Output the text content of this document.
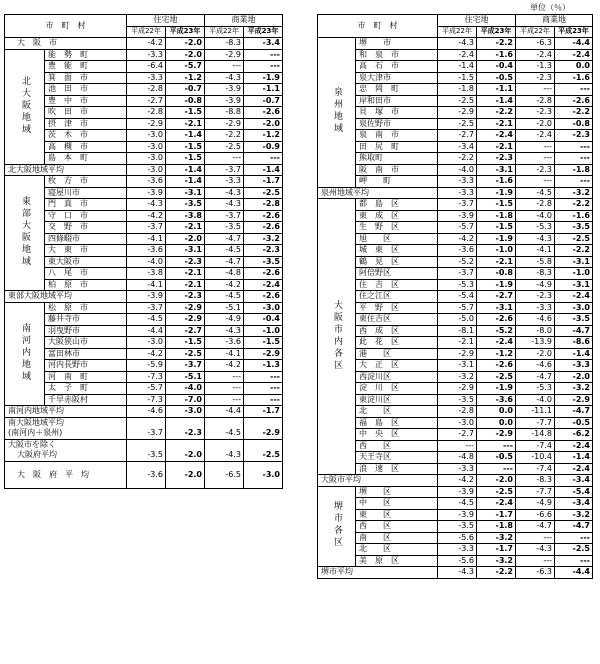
単位（％）
市　町　村		住宅地		商業地	
		平成22年	平成23年	平成22年	平成23年
大　阪　市		-4.2	-2.0	-8.3	-3.4
北大阪地域	能　勢　町	-3.3	-2.0	-2.9	---
	豊　能　町	-6.4	-5.7	---	---
	箕　面　市	-3.3	-1.2	-4.3	-1.9
	池　田　市	-2.8	-0.7	-3.9	-1.1
	豊　中　市	-2.7	-0.8	-3.9	-0.7
	吹　田　市	-2.8	-1.5	-8.8	-2.6
	摂　津　市	-2.9	-2.1	-2.9	-2.0
	茨　木　市	-3.0	-1.4	-2.2	-1.2
	高　槻　市	-3.0	-1.5	-2.5	-0.9
	島　本　町	-3.0	-1.5	---	---
北大阪地域平均		-3.0	-1.4	-3.7	-1.4
東部大阪地域	枚　方　市	-3.6	-1.4	-3.3	-1.7
	寝屋川市	-3.9	-3.1	-4.3	-2.5
	門　真　市	-4.3	-3.5	-4.3	-2.8
	守　口　市	-4.2	-3.8	-3.7	-2.6
	交　野　市	-3.7	-2.1	-3.5	-2.6
	四條畷市	-4.1	-2.0	-4.7	-3.2
	大　東　市	-3.6	-3.1	-4.5	-2.3
	東大阪市	-4.0	-2.3	-4.7	-3.5
	八　尾　市	-3.8	-2.1	-4.8	-2.6
	柏　原　市	-4.1	-2.1	-4.2	-2.4
東部大阪地域平均		-3.9	-2.3	-4.5	-2.6
南河内地域	松　原　市	-3.7	-2.9	-5.1	-3.0
	藤井寺市	-4.5	-2.9	-4.9	-0.4
	羽曳野市	-4.4	-2.7	-4.3	-1.0
	大阪狭山市	-3.0	-1.5	-3.6	-1.5
	富田林市	-4.2	-2.5	-4.1	-2.9
	河内長野市	-5.9	-3.7	-4.2	-1.3
	河　南　町	-7.3	-5.1	---	---
	太　子　町	-5.7	-4.0	---	---
	千早赤阪村	-7.3	-7.0	---	---
南河内地域平均		-4.6	-3.0	-4.4	-1.7
南大阪地域平均					
(南河内＋泉州)		-3.7	-2.3	-4.5	-2.9
大阪市を除く					
大阪府平均		-3.5	-2.0	-4.3	-2.5
大　阪　府　平　均		-3.6	-2.0	-6.5	-3.0
市　町　村		住宅地		商業地	
		平成22年	平成23年	平成22年	平成23年
泉州地域	堺　　市	-4.3	-2.2	-6.3	-4.4
	和　泉　市	-2.4	-1.6	-2.4	-2.4
	高　石　市	-1.4	-0.4	-1.3	0.0
	泉大津市	-1.5	-0.5	-2.3	-1.6
	忠　岡　町	-1.8	-1.1	---	---
	岸和田市	-2.5	-1.4	-2.8	-2.6
	貝　塚　市	-2.9	-2.2	-2.3	-2.2
	泉佐野市	-2.5	-2.1	-2.0	-0.8
	泉　南　市	-2.7	-2.4	-2.4	-2.3
	田　尻　町	-3.4	-2.1	---	---
	熊取町	-2.2	-2.3	---	---
	阪　南　市	-4.0	-3.1	-2.3	-1.8
	岬　　町	-3.3	-1.6	---	---
泉州地域平均		-3.3	-1.9	-4.5	-3.2
大阪市内各区	都　島　区	-3.7	-1.5	-2.8	-2.2
	東　成　区	-3.9	-1.8	-4.0	-1.6
	生　野　区	-5.7	-1.5	-5.3	-3.5
	旭　　区	-4.2	-1.9	-4.3	-2.5
	城　東　区	-3.6	-1.0	-4.1	-2.2
	鶴　見　区	-5.2	-2.1	-5.8	-3.1
	阿倍野区	-3.7	-0.8	-8.3	-1.0
	住　吉　区	-5.3	-1.9	-4.9	-3.1
	住之江区	-5.4	-2.7	-2.3	-2.4
	平　野　区	-5.7	-3.1	-3.3	-3.0
	東住吉区	-5.0	-2.6	-4.6	-3.5
	西　成　区	-8.1	-5.2	-8.0	-4.7
	此　花　区	-2.1	-2.4	-13.9	-8.6
	港　　区	-2.9	-1.2	-2.0	-1.4
	大　正　区	-3.1	-2.6	-4.6	-3.3
	西淀川区	-3.2	-2.5	-4.7	-2.0
	淀　川　区	-2.9	-1.9	-5.3	-3.2
	東淀川区	-3.5	-3.6	-4.0	-2.9
	北　　区	-2.8	0.0	-11.1	-4.7
	福　島　区	-3.0	0.0	-7.7	-0.5
	中　央　区	-2.7	-2.9	-14.8	-6.2
	西　　区	---	---	-7.4	-2.4
	天王寺区	-4.8	-0.5	-10.4	-1.4
	浪　速　区	-3.3	---	-7.4	-2.4
大阪市平均		-4.2	-2.0	-8.3	-3.4
堺市各区	堺　　区	-3.9	-2.5	-7.7	-5.4
	中　　区	-4.5	-2.4	-4.9	-3.4
	東　　区	-3.9	-1.7	-6.6	-3.2
	西　　区	-3.5	-1.8	-4.7	-4.7
	南　　区	-5.6	-3.2	---	---
	北　　区	-3.3	-1.7	-4.3	-2.5
	美　原　区	-5.6	-3.2	---	---
堺市平均		-4.3	-2.2	-6.3	-4.4
